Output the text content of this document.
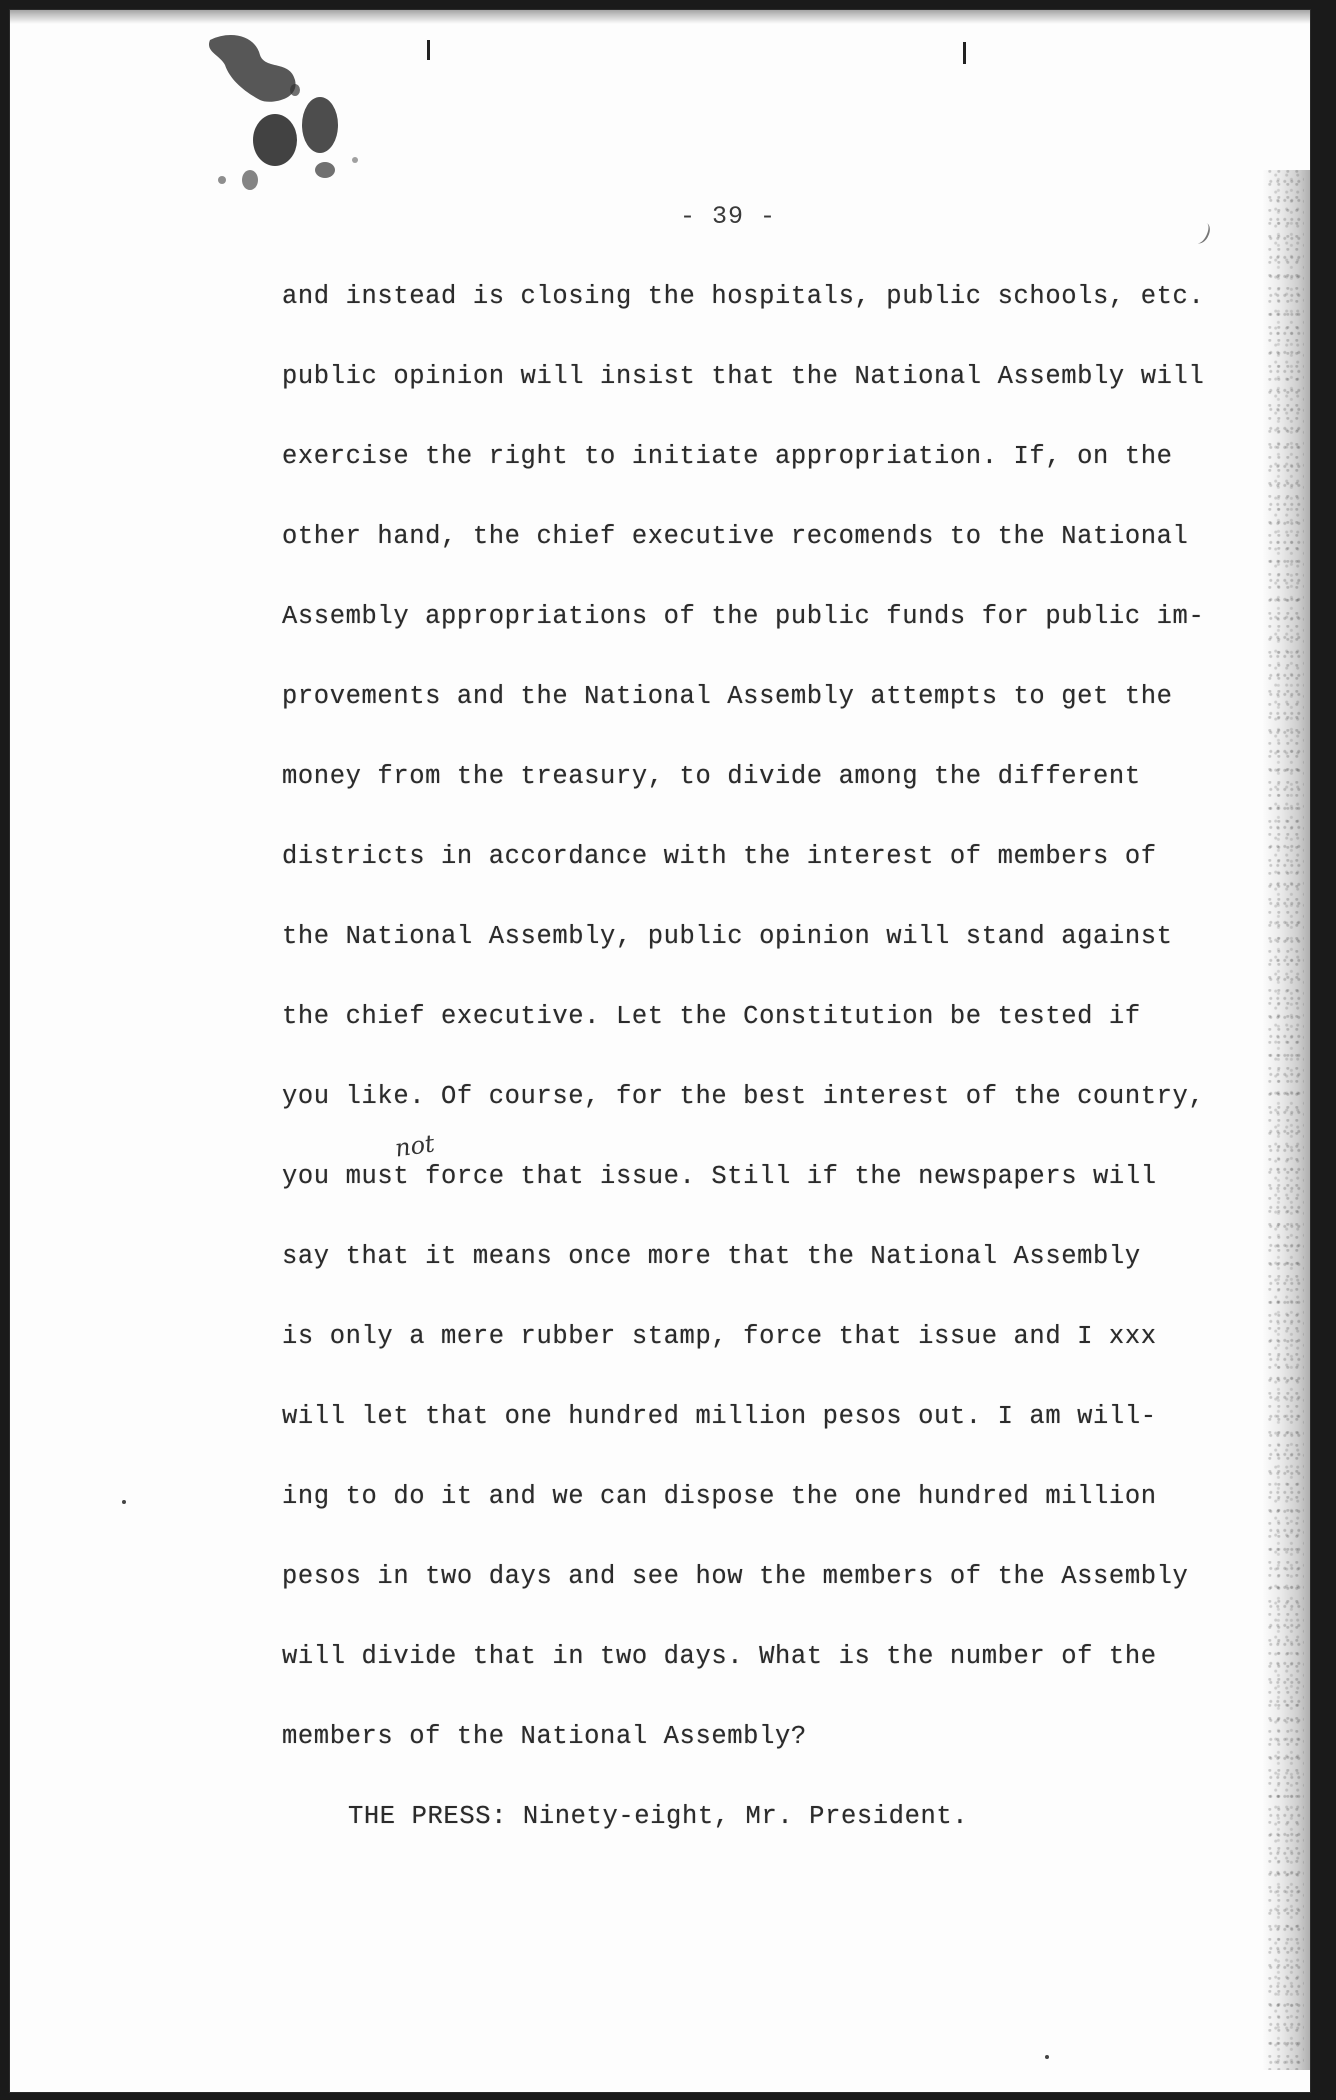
- 39 -
not
and instead is closing the hospitals, public schools, etc.
public opinion will insist that the National Assembly will
exercise the right to initiate appropriation. If, on the
other hand, the chief executive recomends to the National
Assembly appropriations of the public funds for public im-
provements and the National Assembly attempts to get the
money from the treasury, to divide among the different
districts in accordance with the interest of members of
the National Assembly, public opinion will stand against
the chief executive. Let the Constitution be tested if
you like. Of course, for the best interest of the country,
you must force that issue. Still if the newspapers will
say that it means once more that the National Assembly
is only a mere rubber stamp, force that issue and I xxx
will let that one hundred million pesos out. I am will-
ing to do it and we can dispose the one hundred million
pesos in two days and see how the members of the Assembly
will divide that in two days. What is the number of the
members of the National Assembly?
THE PRESS: Ninety-eight, Mr. President.
